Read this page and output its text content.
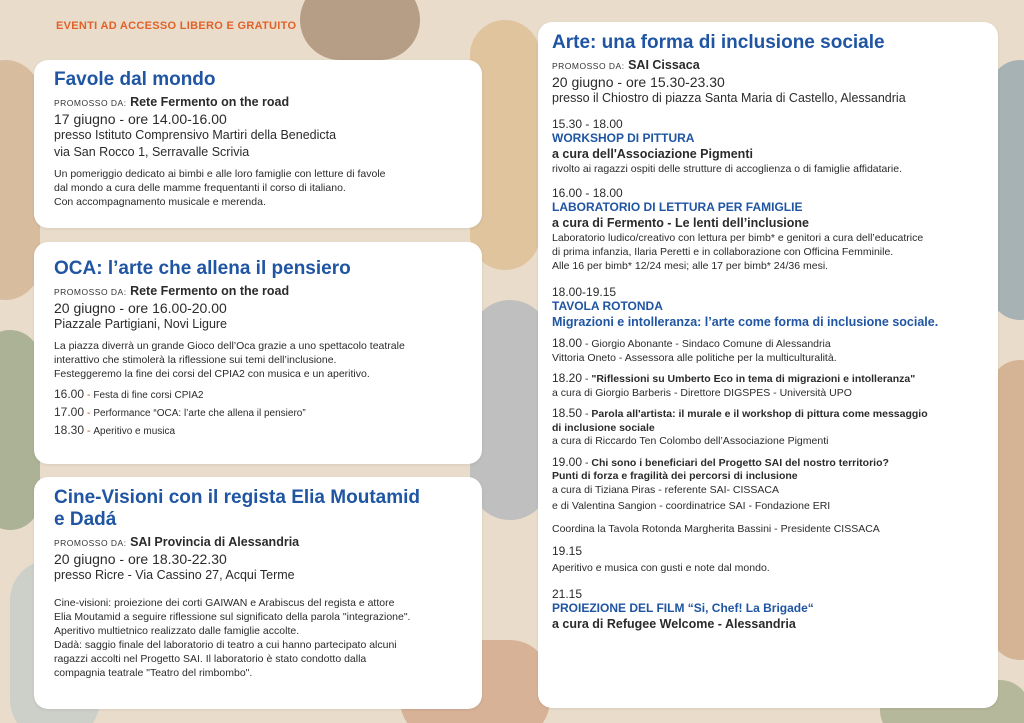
EVENTI AD ACCESSO LIBERO E GRATUITO
Favole dal mondo
PROMOSSO DA: Rete Fermento on the road
17 giugno - ore 14.00-16.00
presso Istituto Comprensivo Martiri della Benedicta
via San Rocco 1, Serravalle Scrivia
Un pomeriggio dedicato ai bimbi e alle loro famiglie con letture di favole
dal mondo a cura delle mamme frequentanti il corso di italiano.
Con accompagnamento musicale e merenda.
OCA: l’arte che allena il pensiero
PROMOSSO DA: Rete Fermento on the road
20 giugno - ore 16.00-20.00
Piazzale Partigiani, Novi Ligure
La piazza diverrà un grande Gioco dell’Oca grazie a uno spettacolo teatrale
interattivo che stimolerà la riflessione sui temi dell’inclusione.
Festeggeremo la fine dei corsi del CPIA2 con musica e un aperitivo.
16.00 - Festa di fine corsi CPIA2
17.00 - Performance “OCA: l’arte che allena il pensiero”
18.30 - Aperitivo e musica
Cine-Visioni con il regista Elia Moutamid
e Dadá
PROMOSSO DA: SAI Provincia di Alessandria
20 giugno - ore 18.30-22.30
presso Ricre - Via Cassino 27, Acqui Terme
Cine-visioni: proiezione dei corti GAIWAN e Arabiscus del regista e attore
Elia Moutamid a seguire riflessione sul significato della parola "integrazione".
Aperitivo multietnico realizzato dalle famiglie accolte.
Dadà: saggio finale del laboratorio di teatro a cui hanno partecipato alcuni
ragazzi accolti nel Progetto SAI. Il laboratorio è stato condotto dalla
compagnia teatrale "Teatro del rimbombo".
Arte: una forma di inclusione sociale
PROMOSSO DA: SAI Cissaca
20 giugno - ore 15.30-23.30
presso il Chiostro di piazza Santa Maria di Castello, Alessandria
15.30 - 18.00
WORKSHOP DI PITTURA
a cura dell'Associazione Pigmenti
rivolto ai ragazzi ospiti delle strutture di accoglienza o di famiglie affidatarie.
16.00 - 18.00
LABORATORIO DI LETTURA PER FAMIGLIE
a cura di Fermento - Le lenti dell’inclusione
Laboratorio ludico/creativo con lettura per bimb* e genitori a cura dell’educatrice
di prima infanzia, Ilaria Peretti e in collaborazione con Officina Femminile.
Alle 16 per bimb* 12/24 mesi; alle 17 per bimb* 24/36 mesi.
18.00-19.15
TAVOLA ROTONDA
Migrazioni e intolleranza: l’arte come forma di inclusione sociale.
18.00 - Giorgio Abonante - Sindaco Comune di Alessandria
Vittoria Oneto - Assessora alle politiche per la multiculturalità.
18.20 - "Riflessioni su Umberto Eco in tema di migrazioni e intolleranza"
a cura di Giorgio Barberis - Direttore DIGSPES - Università UPO
18.50 - Parola all'artista: il murale e il workshop di pittura come messaggio
di inclusione sociale
a cura di Riccardo Ten Colombo dell’Associazione Pigmenti
19.00 - Chi sono i beneficiari del Progetto SAI del nostro territorio?
Punti di forza e fragilità dei percorsi di inclusione
a cura di Tiziana Piras - referente SAI- CISSACA
e di Valentina Sangion - coordinatrice SAI - Fondazione ERI
Coordina la Tavola Rotonda Margherita Bassini - Presidente CISSACA
19.15
Aperitivo e musica con gusti e note dal mondo.
21.15
PROIEZIONE DEL FILM “Si, Chef! La Brigade“
a cura di Refugee Welcome - Alessandria
